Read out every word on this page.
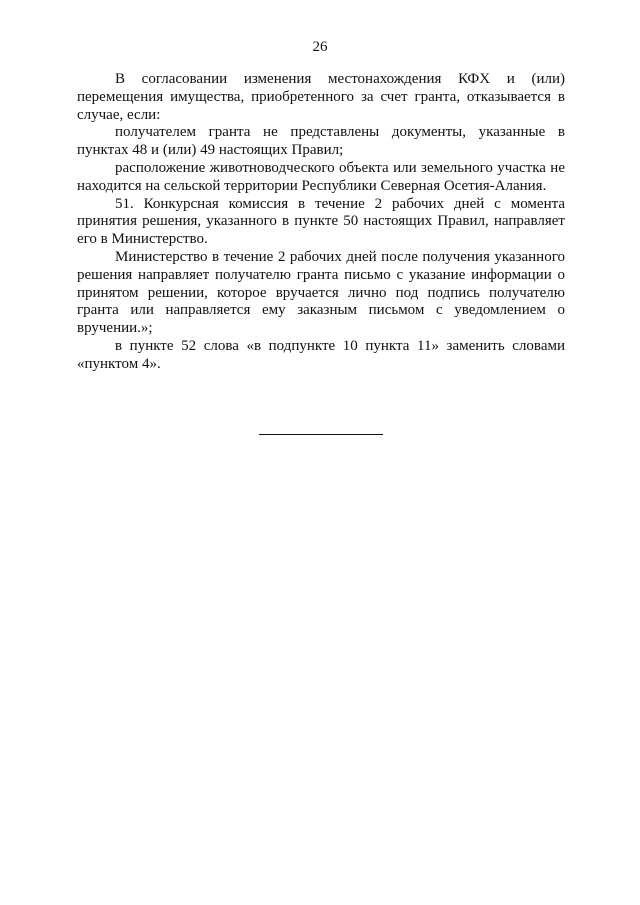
26

В согласовании изменения местонахождения КФХ и (или) перемещения имущества, приобретенного за счет гранта, отказывается в случае, если:

получателем гранта не представлены документы, указанные в пунктах 48 и (или) 49 настоящих Правил;

расположение животноводческого объекта или земельного участка не находится на сельской территории Республики Северная Осетия-Алания.

51. Конкурсная комиссия в течение 2 рабочих дней с момента принятия решения, указанного в пункте 50 настоящих Правил, направляет его в Министерство.

Министерство в течение 2 рабочих дней после получения указанного решения направляет получателю гранта письмо с указание информации о принятом решении, которое вручается лично под подпись получателю гранта или направляется ему заказным письмом с уведомлением о вручении.»;

в пункте 52 слова «в подпункте 10 пункта 11» заменить словами «пунктом 4».
